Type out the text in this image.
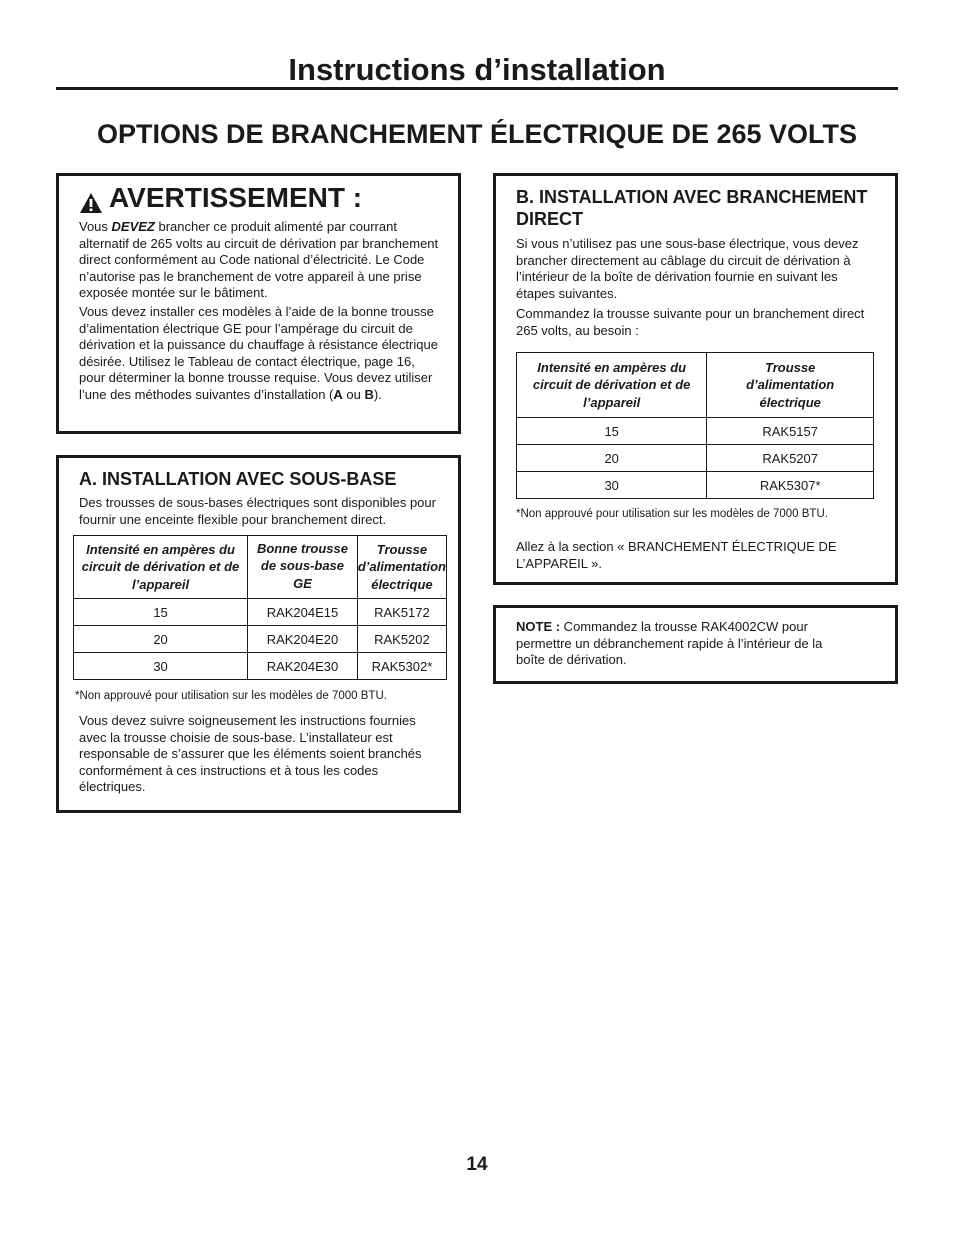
Instructions d’installation
OPTIONS DE BRANCHEMENT ÉLECTRIQUE DE 265 VOLTS
AVERTISSEMENT :
Vous DEVEZ brancher ce produit alimenté par courrant alternatif de 265 volts au circuit de dérivation par branchement direct conformément au Code national d’électricité. Le Code n’autorise pas le branchement de votre appareil à une prise exposée montée sur le bâtiment.
Vous devez installer ces modèles à l’aide de la bonne trousse d’alimentation électrique GE pour l’ampérage du circuit de dérivation et la puissance du chauffage à résistance électrique désirée. Utilisez le Tableau de contact électrique, page 16, pour déterminer la bonne trousse requise. Vous devez utiliser l’une des méthodes suivantes d’installation (A ou B).
A. INSTALLATION AVEC SOUS-BASE
Des trousses de sous-bases électriques sont disponibles pour fournir une enceinte flexible pour branchement direct.
Intensité en ampères du circuit de dérivation et de l’appareil	Bonne trousse de sous-base GE	Trousse d’alimentation électrique
15	RAK204E15	RAK5172
20	RAK204E20	RAK5202
30	RAK204E30	RAK5302*
*Non approuvé pour utilisation sur les modèles de 7000 BTU.
Vous devez suivre soigneusement les instructions fournies avec la trousse choisie de sous-base. L’installateur est responsable de s’assurer que les éléments soient branchés conformément à ces instructions et à tous les codes électriques.
B. INSTALLATION AVEC BRANCHEMENT DIRECT
Si vous n’utilisez pas une sous-base électrique, vous devez brancher directement au câblage du circuit de dérivation à l’intérieur de la boîte de dérivation fournie en suivant les étapes suivantes.
Commandez la trousse suivante pour un branchement direct 265 volts, au besoin :
Intensité en ampères du circuit de dérivation et de l’appareil	Trousse d’alimentation électrique
15	RAK5157
20	RAK5207
30	RAK5307*
*Non approuvé pour utilisation sur les modèles de 7000 BTU.
Allez à la section « BRANCHEMENT ÉLECTRIQUE DE L’APPAREIL ».
NOTE : Commandez la trousse RAK4002CW pour permettre un débranchement rapide à l’intérieur de la boîte de dérivation.
14
